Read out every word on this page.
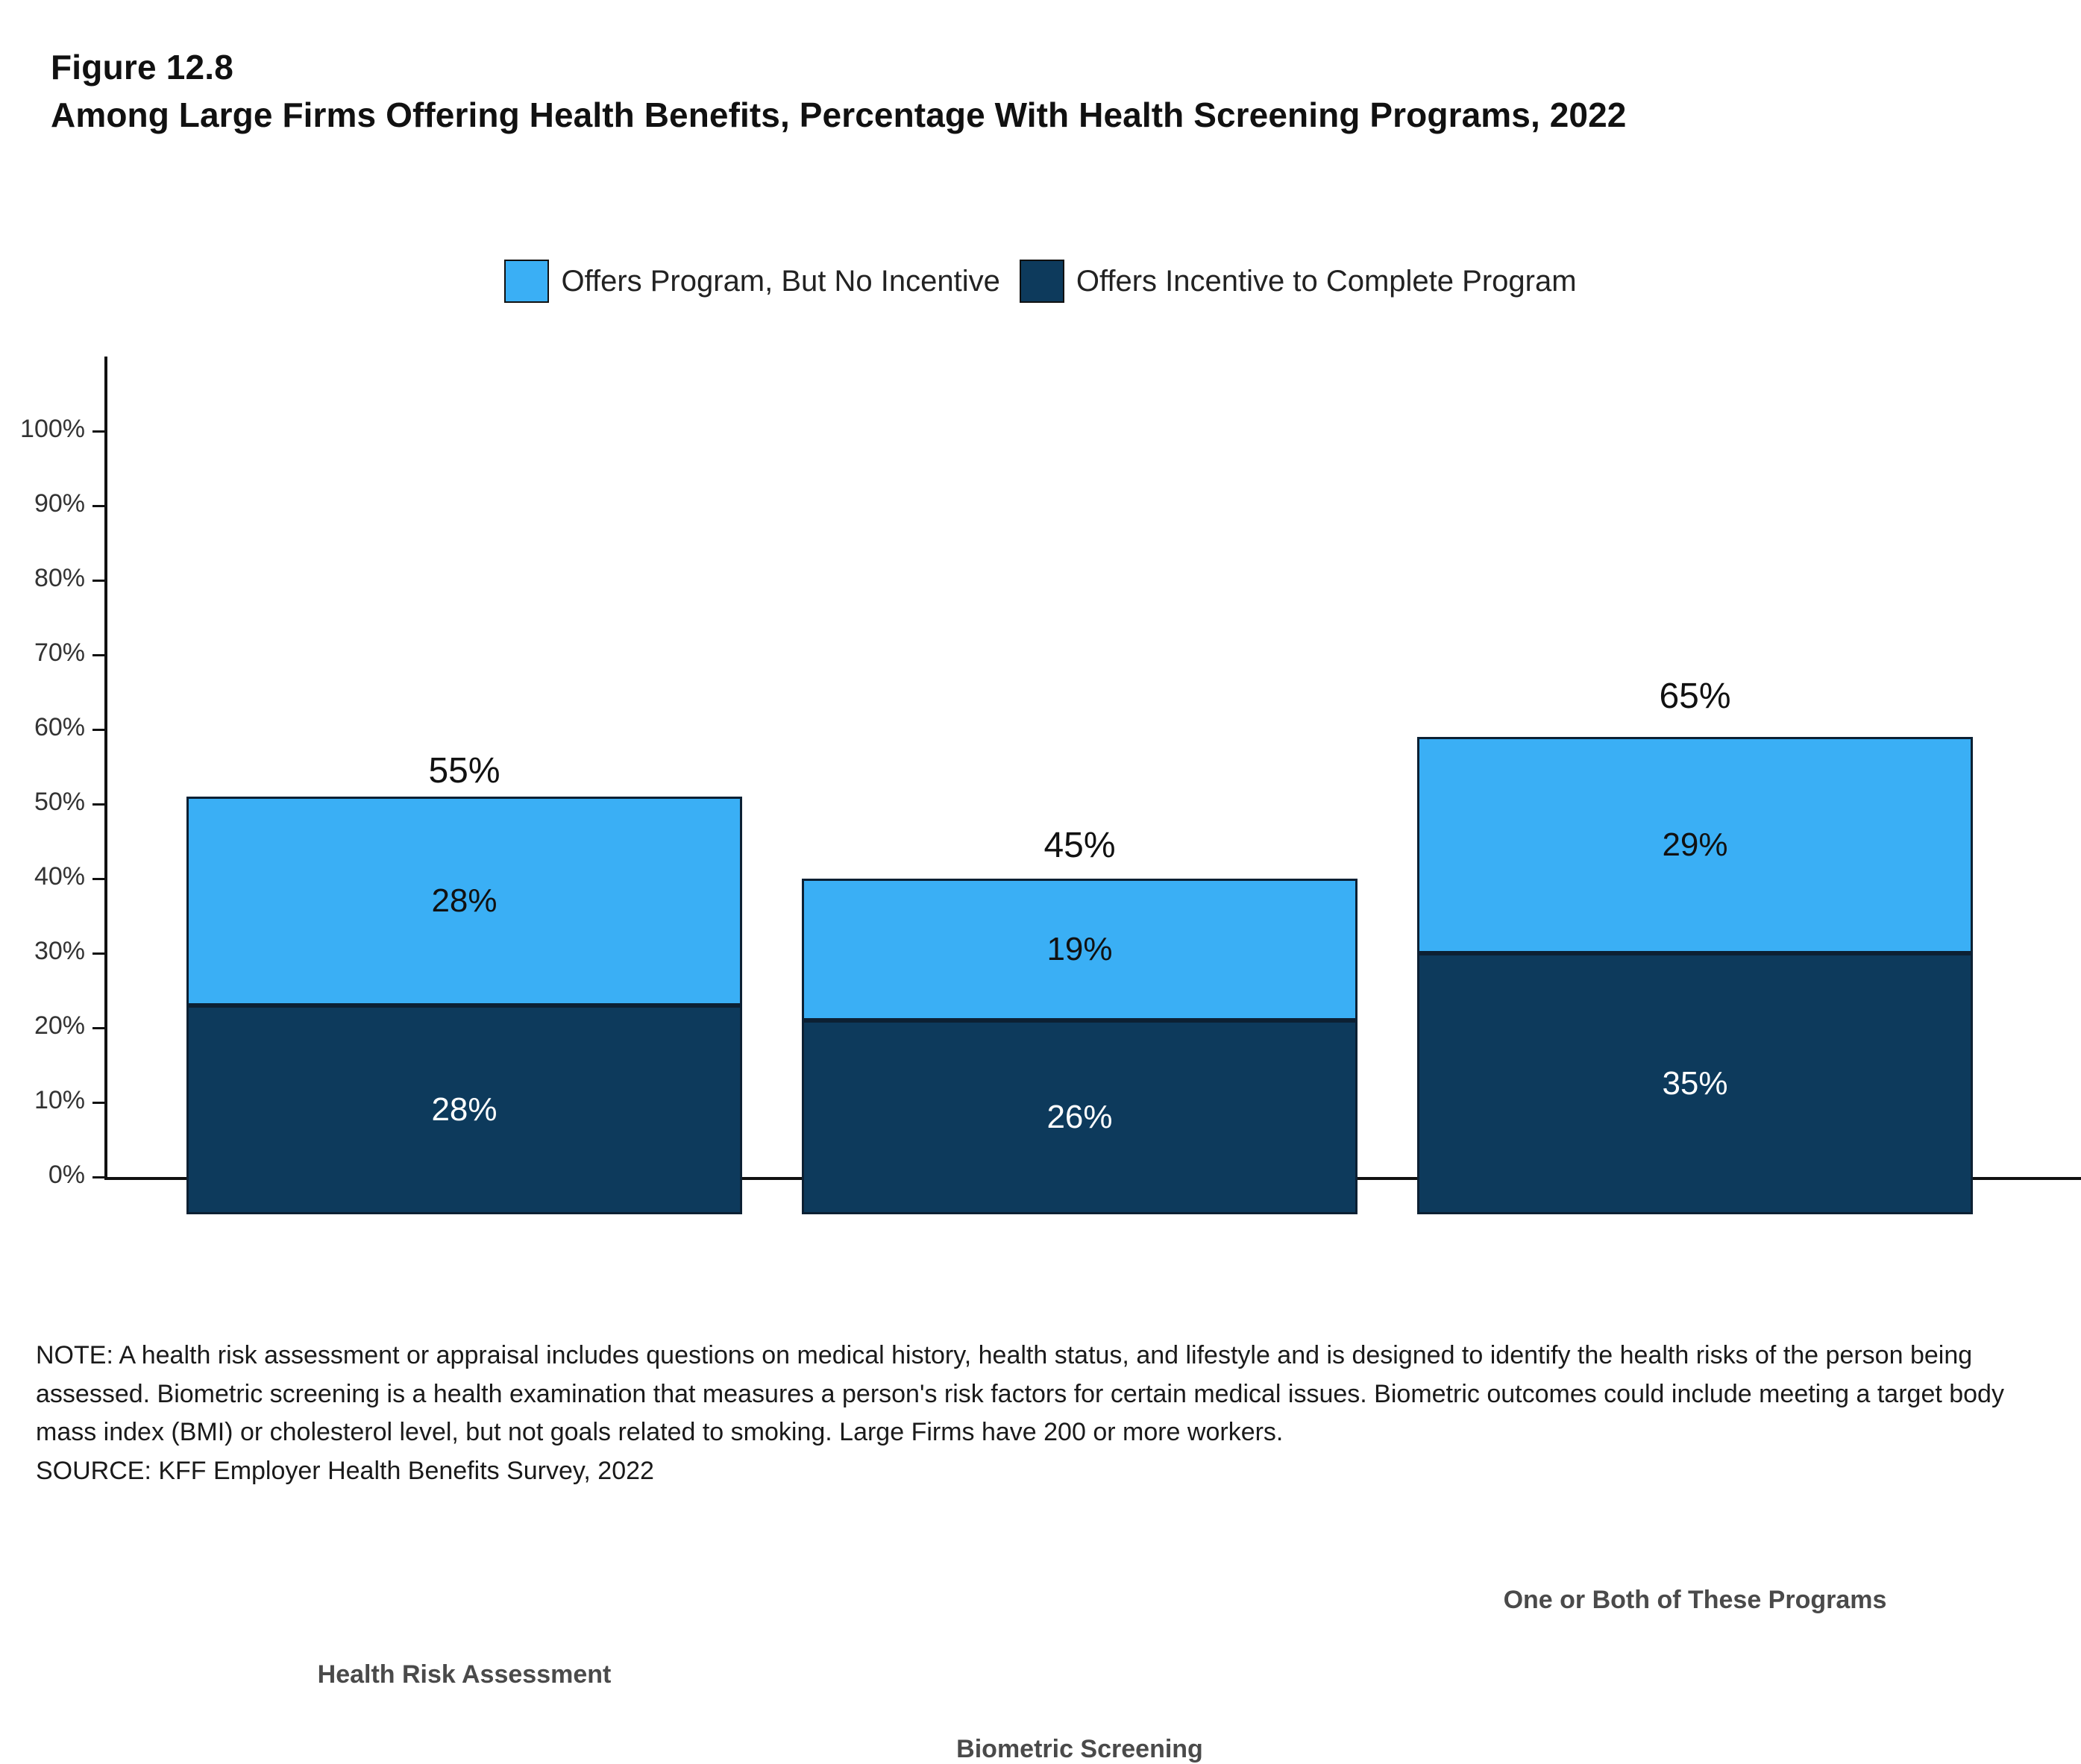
Figure 12.8
Among Large Firms Offering Health Benefits, Percentage With Health Screening Programs, 2022
Offers Program, But No Incentive	Offers Incentive to Complete Program
0%
10%
20%
30%
40%
50%
60%
70%
80%
90%
100%
28%
28%
55%
Health Risk Assessment
26%
19%
45%
Biometric Screening
35%
29%
65%
One or Both of These Programs

NOTE: A health risk assessment or appraisal includes questions on medical history, health status, and lifestyle and is designed to identify the health risks of the person being assessed. Biometric screening is a health examination that measures a person's risk factors for certain medical issues. Biometric outcomes could include meeting a target body mass index (BMI) or cholesterol level, but not goals related to smoking. Large Firms have 200 or more workers.

SOURCE: KFF Employer Health Benefits Survey, 2022
